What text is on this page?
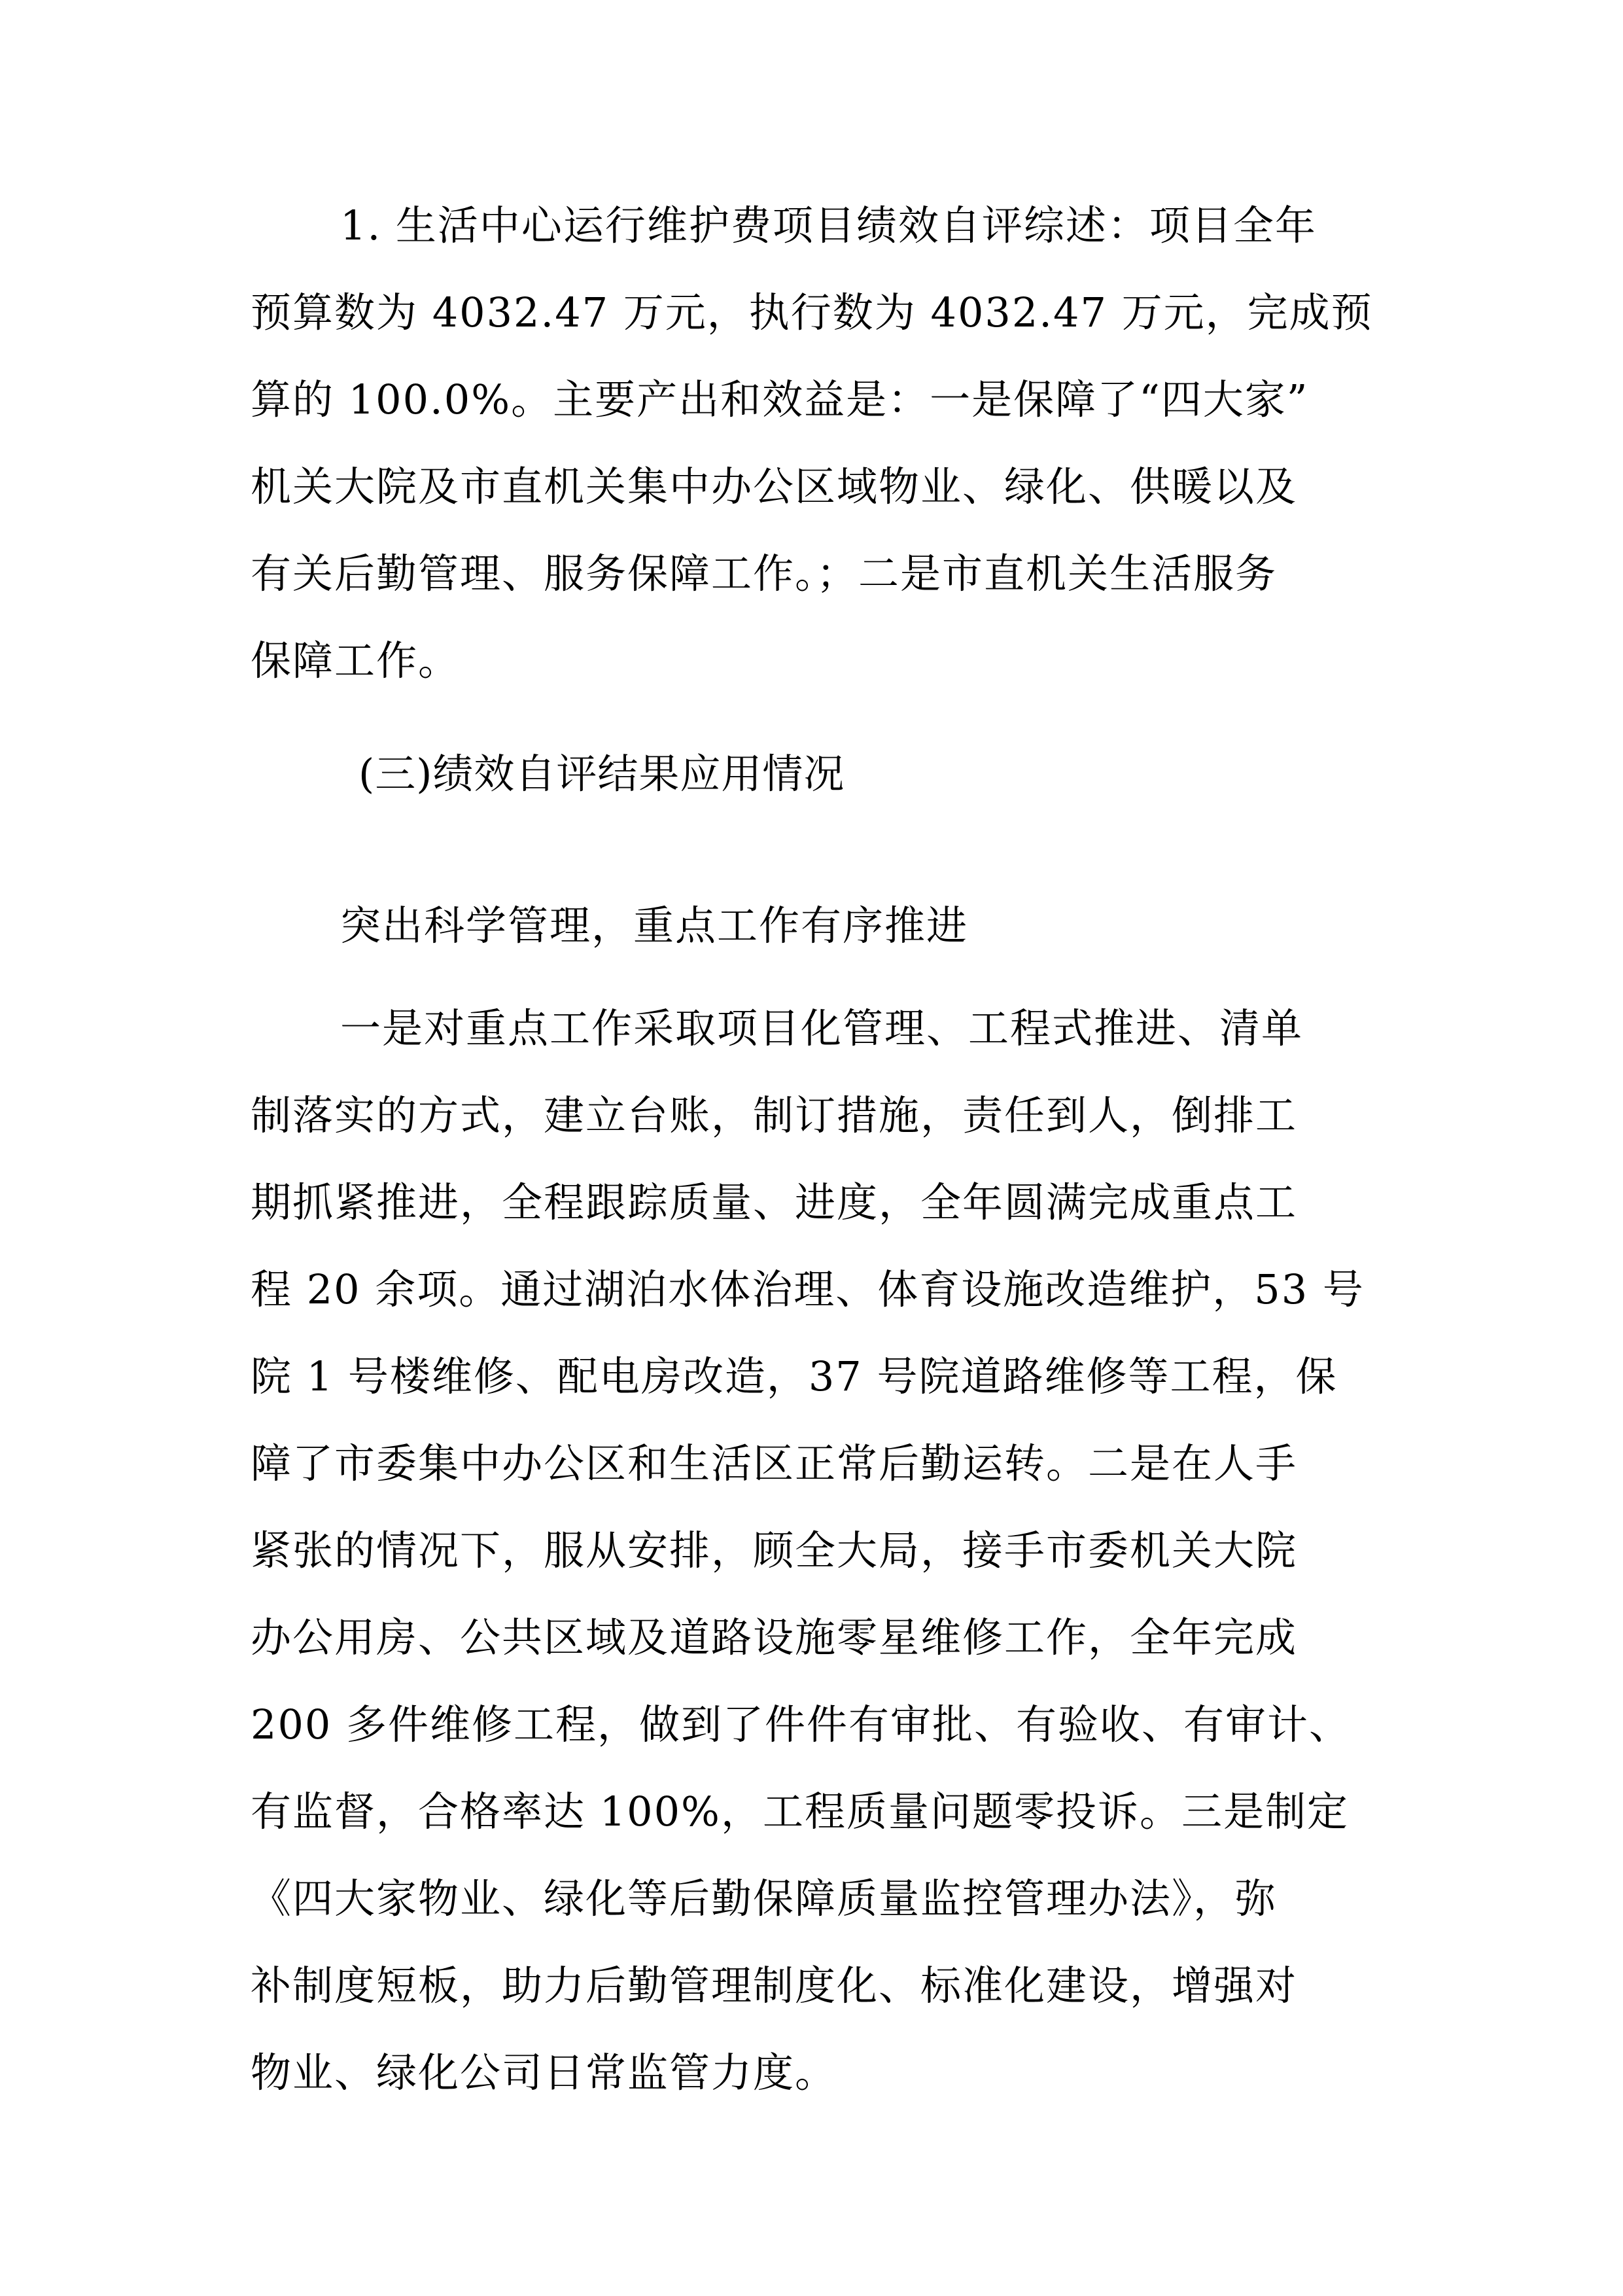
1. 生活中心运行维护费项目绩效自评综述：项目全年

预算数为 4032.47 万元，执行数为 4032.47 万元，完成预

算的 100.0%。主要产出和效益是：一是保障了“四大家”

机关大院及市直机关集中办公区域物业、绿化、供暖以及

有关后勤管理、服务保障工作。；二是市直机关生活服务

保障工作。

(三)绩效自评结果应用情况

突出科学管理，重点工作有序推进

一是对重点工作采取项目化管理、工程式推进、清单

制落实的方式，建立台账，制订措施，责任到人，倒排工

期抓紧推进，全程跟踪质量、进度，全年圆满完成重点工

程 20 余项。通过湖泊水体治理、体育设施改造维护，53 号

院 1 号楼维修、配电房改造，37 号院道路维修等工程，保

障了市委集中办公区和生活区正常后勤运转。二是在人手

紧张的情况下，服从安排，顾全大局，接手市委机关大院

办公用房、公共区域及道路设施零星维修工作，全年完成

200 多件维修工程，做到了件件有审批、有验收、有审计、

有监督，合格率达 100%，工程质量问题零投诉。三是制定

《四大家物业、绿化等后勤保障质量监控管理办法》，弥

补制度短板，助力后勤管理制度化、标准化建设，增强对

物业、绿化公司日常监管力度。
